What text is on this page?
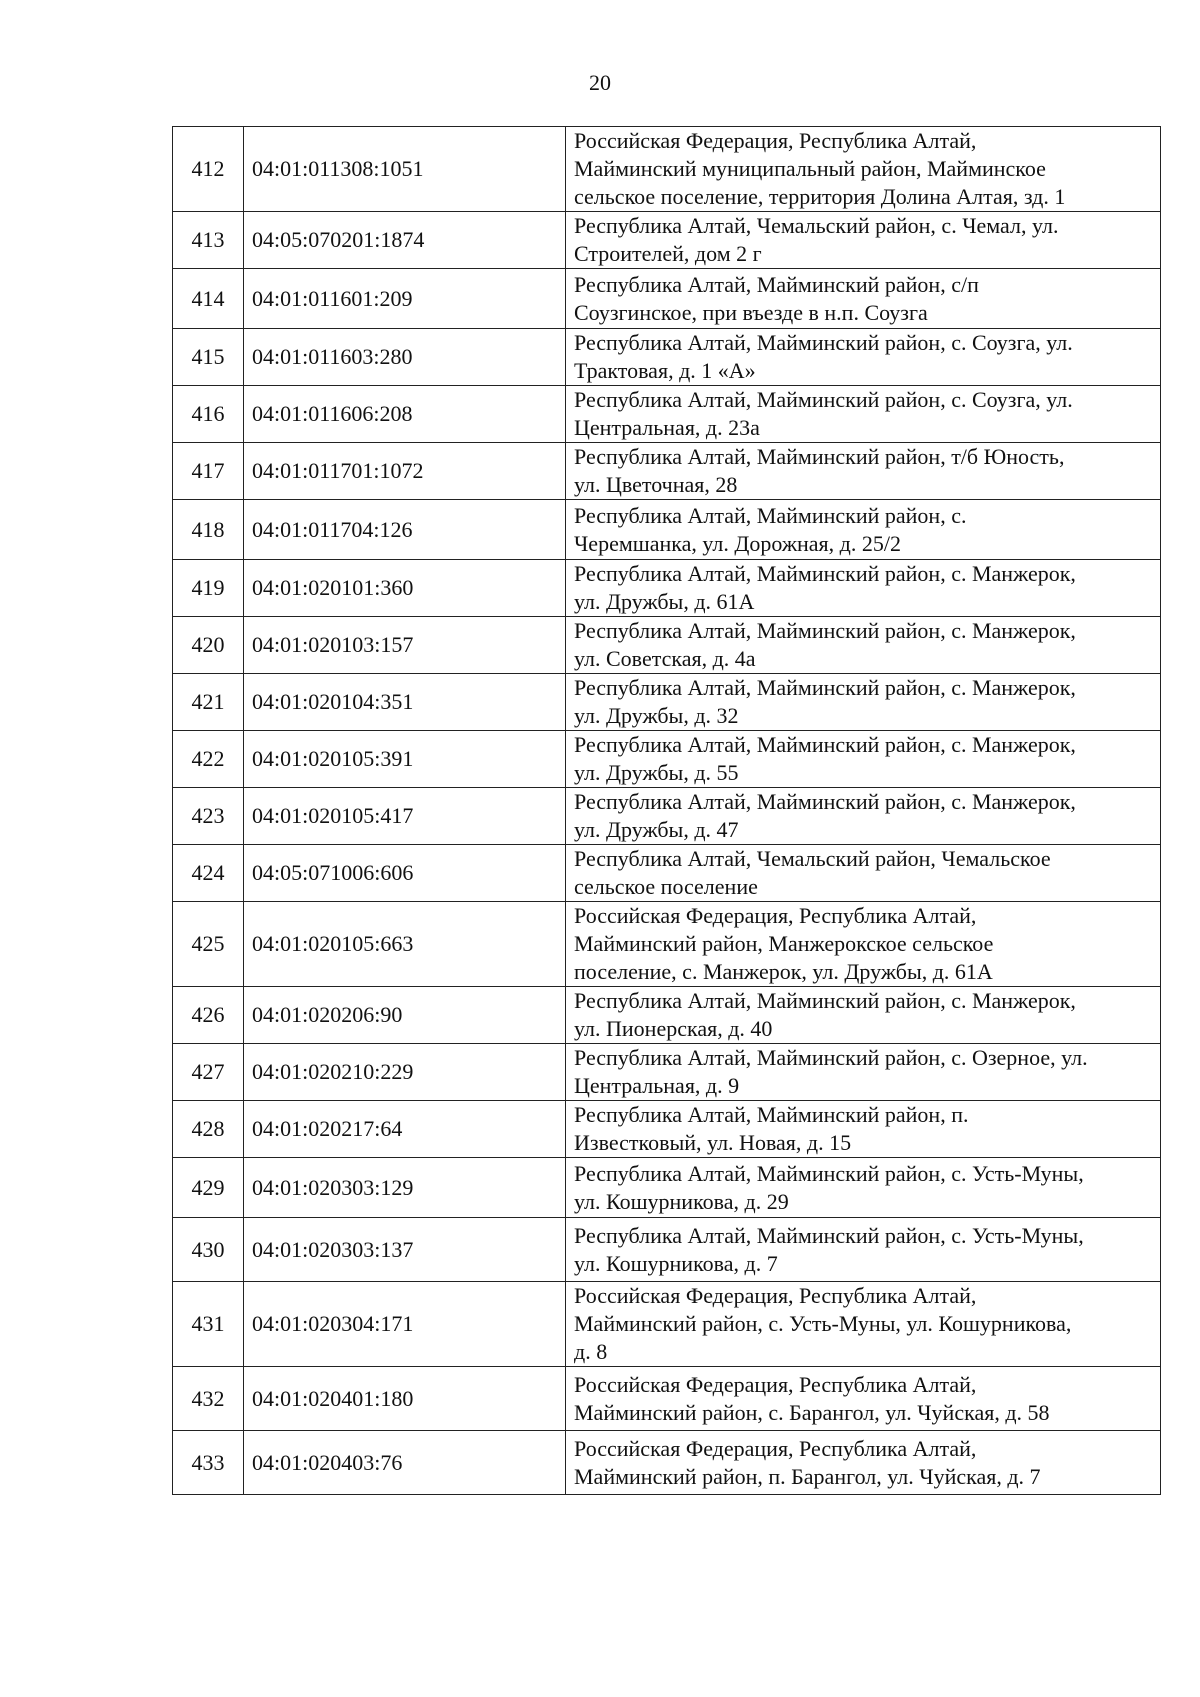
20
412	04:01:011308:1051	Российская Федерация, Республика Алтай,
Майминский муниципальный район, Майминское
сельское поселение, территория Долина Алтая, зд. 1
413	04:05:070201:1874	Республика Алтай, Чемальский район, с. Чемал, ул.
Строителей, дом 2 г
414	04:01:011601:209	Республика Алтай, Майминский район, с/п
Соузгинское, при въезде в н.п. Соузга
415	04:01:011603:280	Республика Алтай, Майминский район, с. Соузга, ул.
Трактовая, д. 1 «А»
416	04:01:011606:208	Республика Алтай, Майминский район, с. Соузга, ул.
Центральная, д. 23а
417	04:01:011701:1072	Республика Алтай, Майминский район, т/б Юность,
ул. Цветочная, 28
418	04:01:011704:126	Республика Алтай, Майминский район, с.
Черемшанка, ул. Дорожная, д. 25/2
419	04:01:020101:360	Республика Алтай, Майминский район, с. Манжерок,
ул. Дружбы, д. 61А
420	04:01:020103:157	Республика Алтай, Майминский район, с. Манжерок,
ул. Советская, д. 4а
421	04:01:020104:351	Республика Алтай, Майминский район, с. Манжерок,
ул. Дружбы, д. 32
422	04:01:020105:391	Республика Алтай, Майминский район, с. Манжерок,
ул. Дружбы, д. 55
423	04:01:020105:417	Республика Алтай, Майминский район, с. Манжерок,
ул. Дружбы, д. 47
424	04:05:071006:606	Республика Алтай, Чемальский район, Чемальское
сельское поселение
425	04:01:020105:663	Российская Федерация, Республика Алтай,
Майминский район, Манжерокское сельское
поселение, с. Манжерок, ул. Дружбы, д. 61А
426	04:01:020206:90	Республика Алтай, Майминский район, с. Манжерок,
ул. Пионерская, д. 40
427	04:01:020210:229	Республика Алтай, Майминский район, с. Озерное, ул.
Центральная, д. 9
428	04:01:020217:64	Республика Алтай, Майминский район, п.
Известковый, ул. Новая, д. 15
429	04:01:020303:129	Республика Алтай, Майминский район, с. Усть-Муны,
ул. Кошурникова, д. 29
430	04:01:020303:137	Республика Алтай, Майминский район, с. Усть-Муны,
ул. Кошурникова, д. 7
431	04:01:020304:171	Российская Федерация, Республика Алтай,
Майминский район, с. Усть-Муны, ул. Кошурникова,
д. 8
432	04:01:020401:180	Российская Федерация, Республика Алтай,
Майминский район, с. Барангол, ул. Чуйская, д. 58
433	04:01:020403:76	Российская Федерация, Республика Алтай,
Майминский район, п. Барангол, ул. Чуйская, д. 7
